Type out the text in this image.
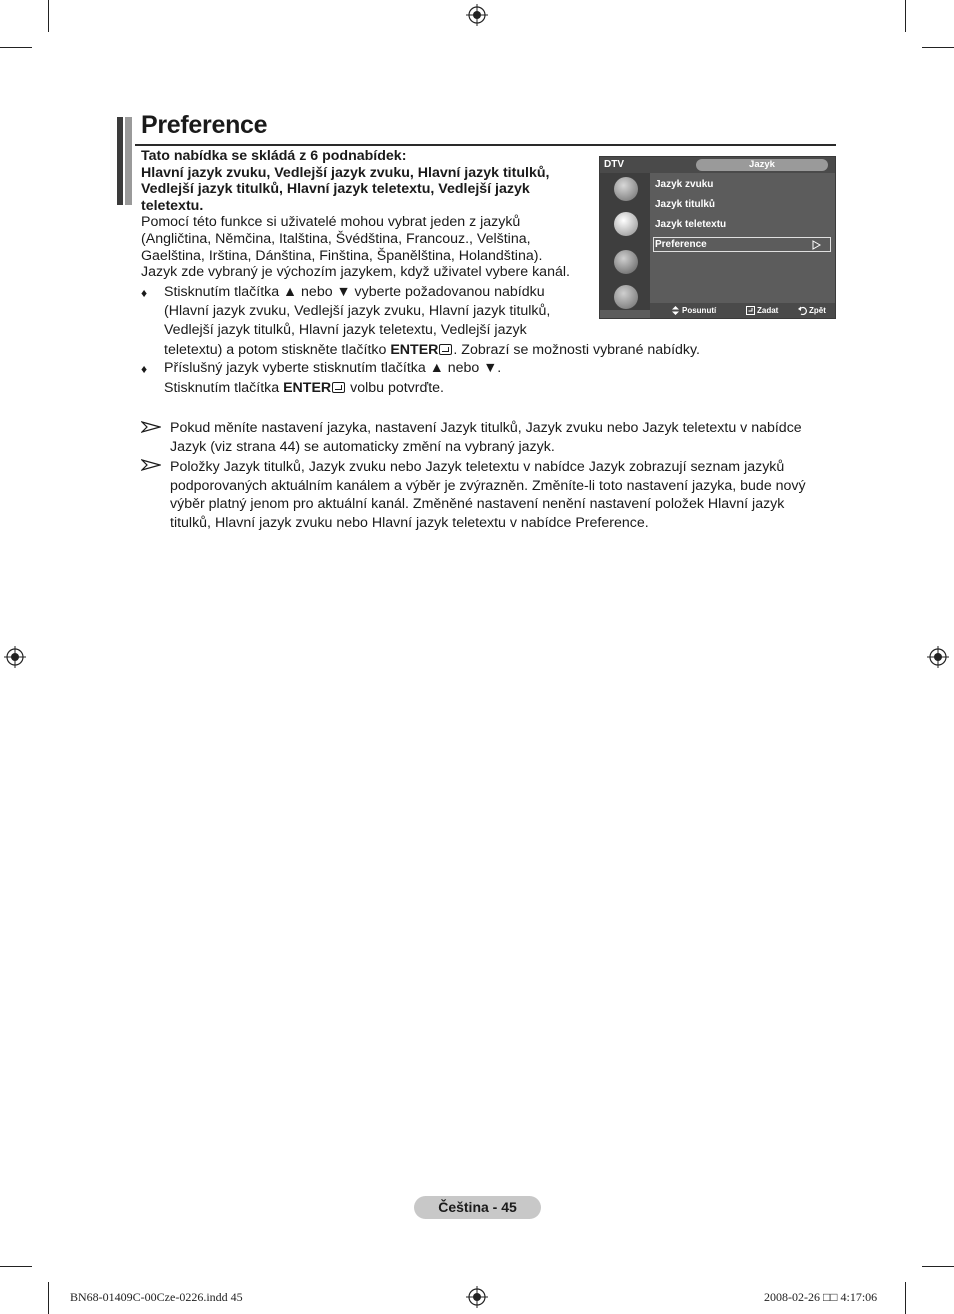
Preference
Tato nabídka se skládá z 6 podnabídek:
Hlavní jazyk zvuku, Vedlejší jazyk zvuku, Hlavní jazyk titulků,
Vedlejší jazyk titulků, Hlavní jazyk teletextu, Vedlejší jazyk
teletextu.
Pomocí této funkce si uživatelé mohou vybrat jeden z jazyků
(Angličtina, Němčina, Italština, Švédština, Francouz., Velština,
Gaelština, Irština, Dánština, Finština, Španělština, Holandština).
Jazyk zde vybraný je výchozím jazykem, když uživatel vybere kanál.
♦ Stisknutím tlačítka ▲ nebo ▼ vyberte požadovanou nabídku
(Hlavní jazyk zvuku, Vedlejší jazyk zvuku, Hlavní jazyk titulků,
Vedlejší jazyk titulků, Hlavní jazyk teletextu, Vedlejší jazyk
teletextu) a potom stiskněte tlačítko ENTER . Zobrazí se možnosti vybrané nabídky.
♦ Příslušný jazyk vyberte stisknutím tlačítka ▲ nebo ▼.
Stisknutím tlačítka ENTER volbu potvrďte.
Pokud měníte nastavení jazyka, nastavení Jazyk titulků, Jazyk zvuku nebo Jazyk teletextu v nabídce
Jazyk (viz strana 44) se automaticky změní na vybraný jazyk.
Položky Jazyk titulků, Jazyk zvuku nebo Jazyk teletextu v nabídce Jazyk zobrazují seznam jazyků
podporovaných aktuálním kanálem a výběr je zvýrazněn. Změníte-li toto nastavení jazyka, bude nový
výběr platný jenom pro aktuální kanál. Změněné nastavení nenění nastavení položek Hlavní jazyk
titulků, Hlavní jazyk zvuku nebo Hlavní jazyk teletextu v nabídce Preference.
DTV	Jazyk
Jazyk zvuku
Jazyk titulků
Jazyk teletextu
Preference
Posunutí	Zadat	Zpět
Čeština - 45
BN68-01409C-00Cze-0226.indd 45	2008-02-26 □□ 4:17:06
